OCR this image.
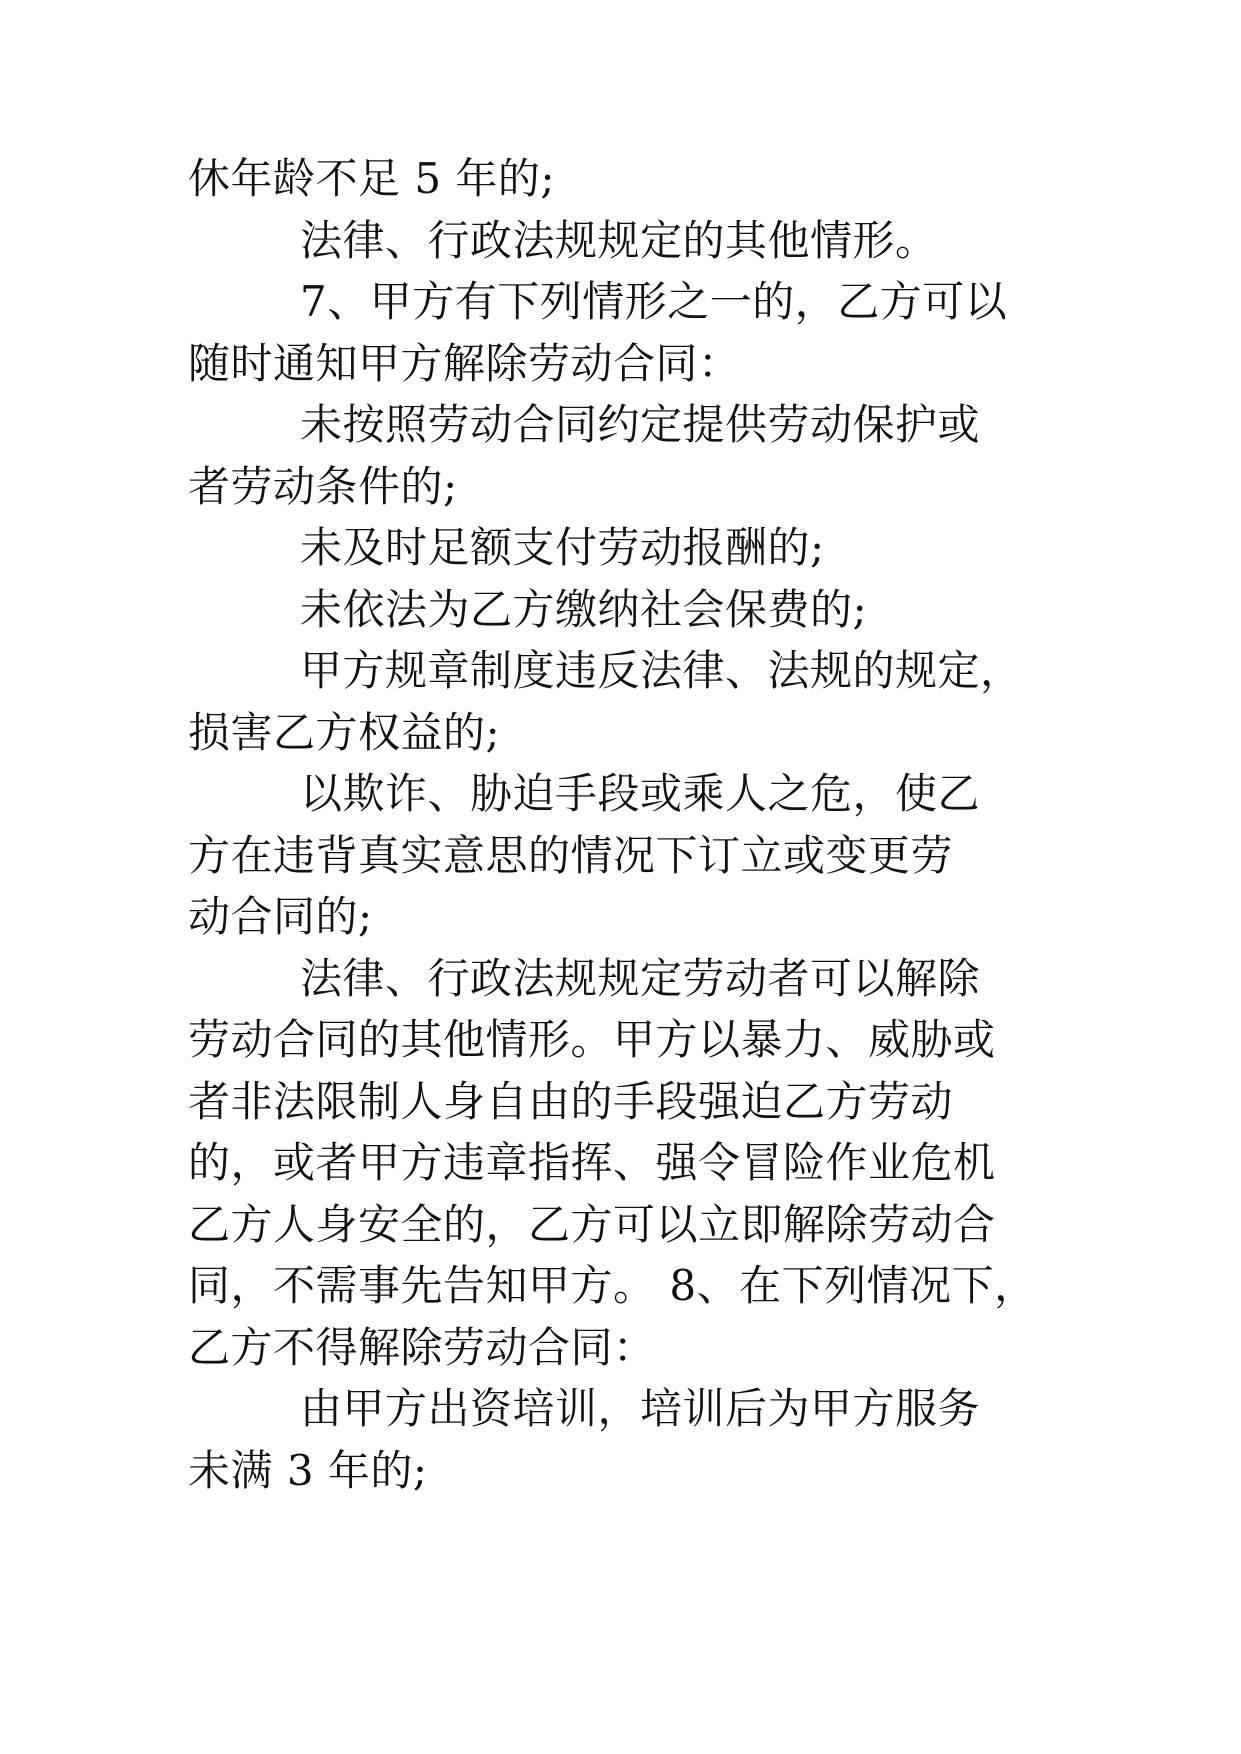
休年龄不足 5 年的;
法律、行政法规规定的其他情形。
7、甲方有下列情形之一的，乙方可以
随时通知甲方解除劳动合同：
未按照劳动合同约定提供劳动保护或
者劳动条件的;
未及时足额支付劳动报酬的;
未依法为乙方缴纳社会保费的;
甲方规章制度违反法律、法规的规定，
损害乙方权益的;
以欺诈、胁迫手段或乘人之危，使乙
方在违背真实意思的情况下订立或变更劳
动合同的;
法律、行政法规规定劳动者可以解除
劳动合同的其他情形。甲方以暴力、威胁或
者非法限制人身自由的手段强迫乙方劳动
的，或者甲方违章指挥、强令冒险作业危机
乙方人身安全的，乙方可以立即解除劳动合
同，不需事先告知甲方。 8、在下列情况下，
乙方不得解除劳动合同：
由甲方出资培训，培训后为甲方服务
未满 3 年的;
